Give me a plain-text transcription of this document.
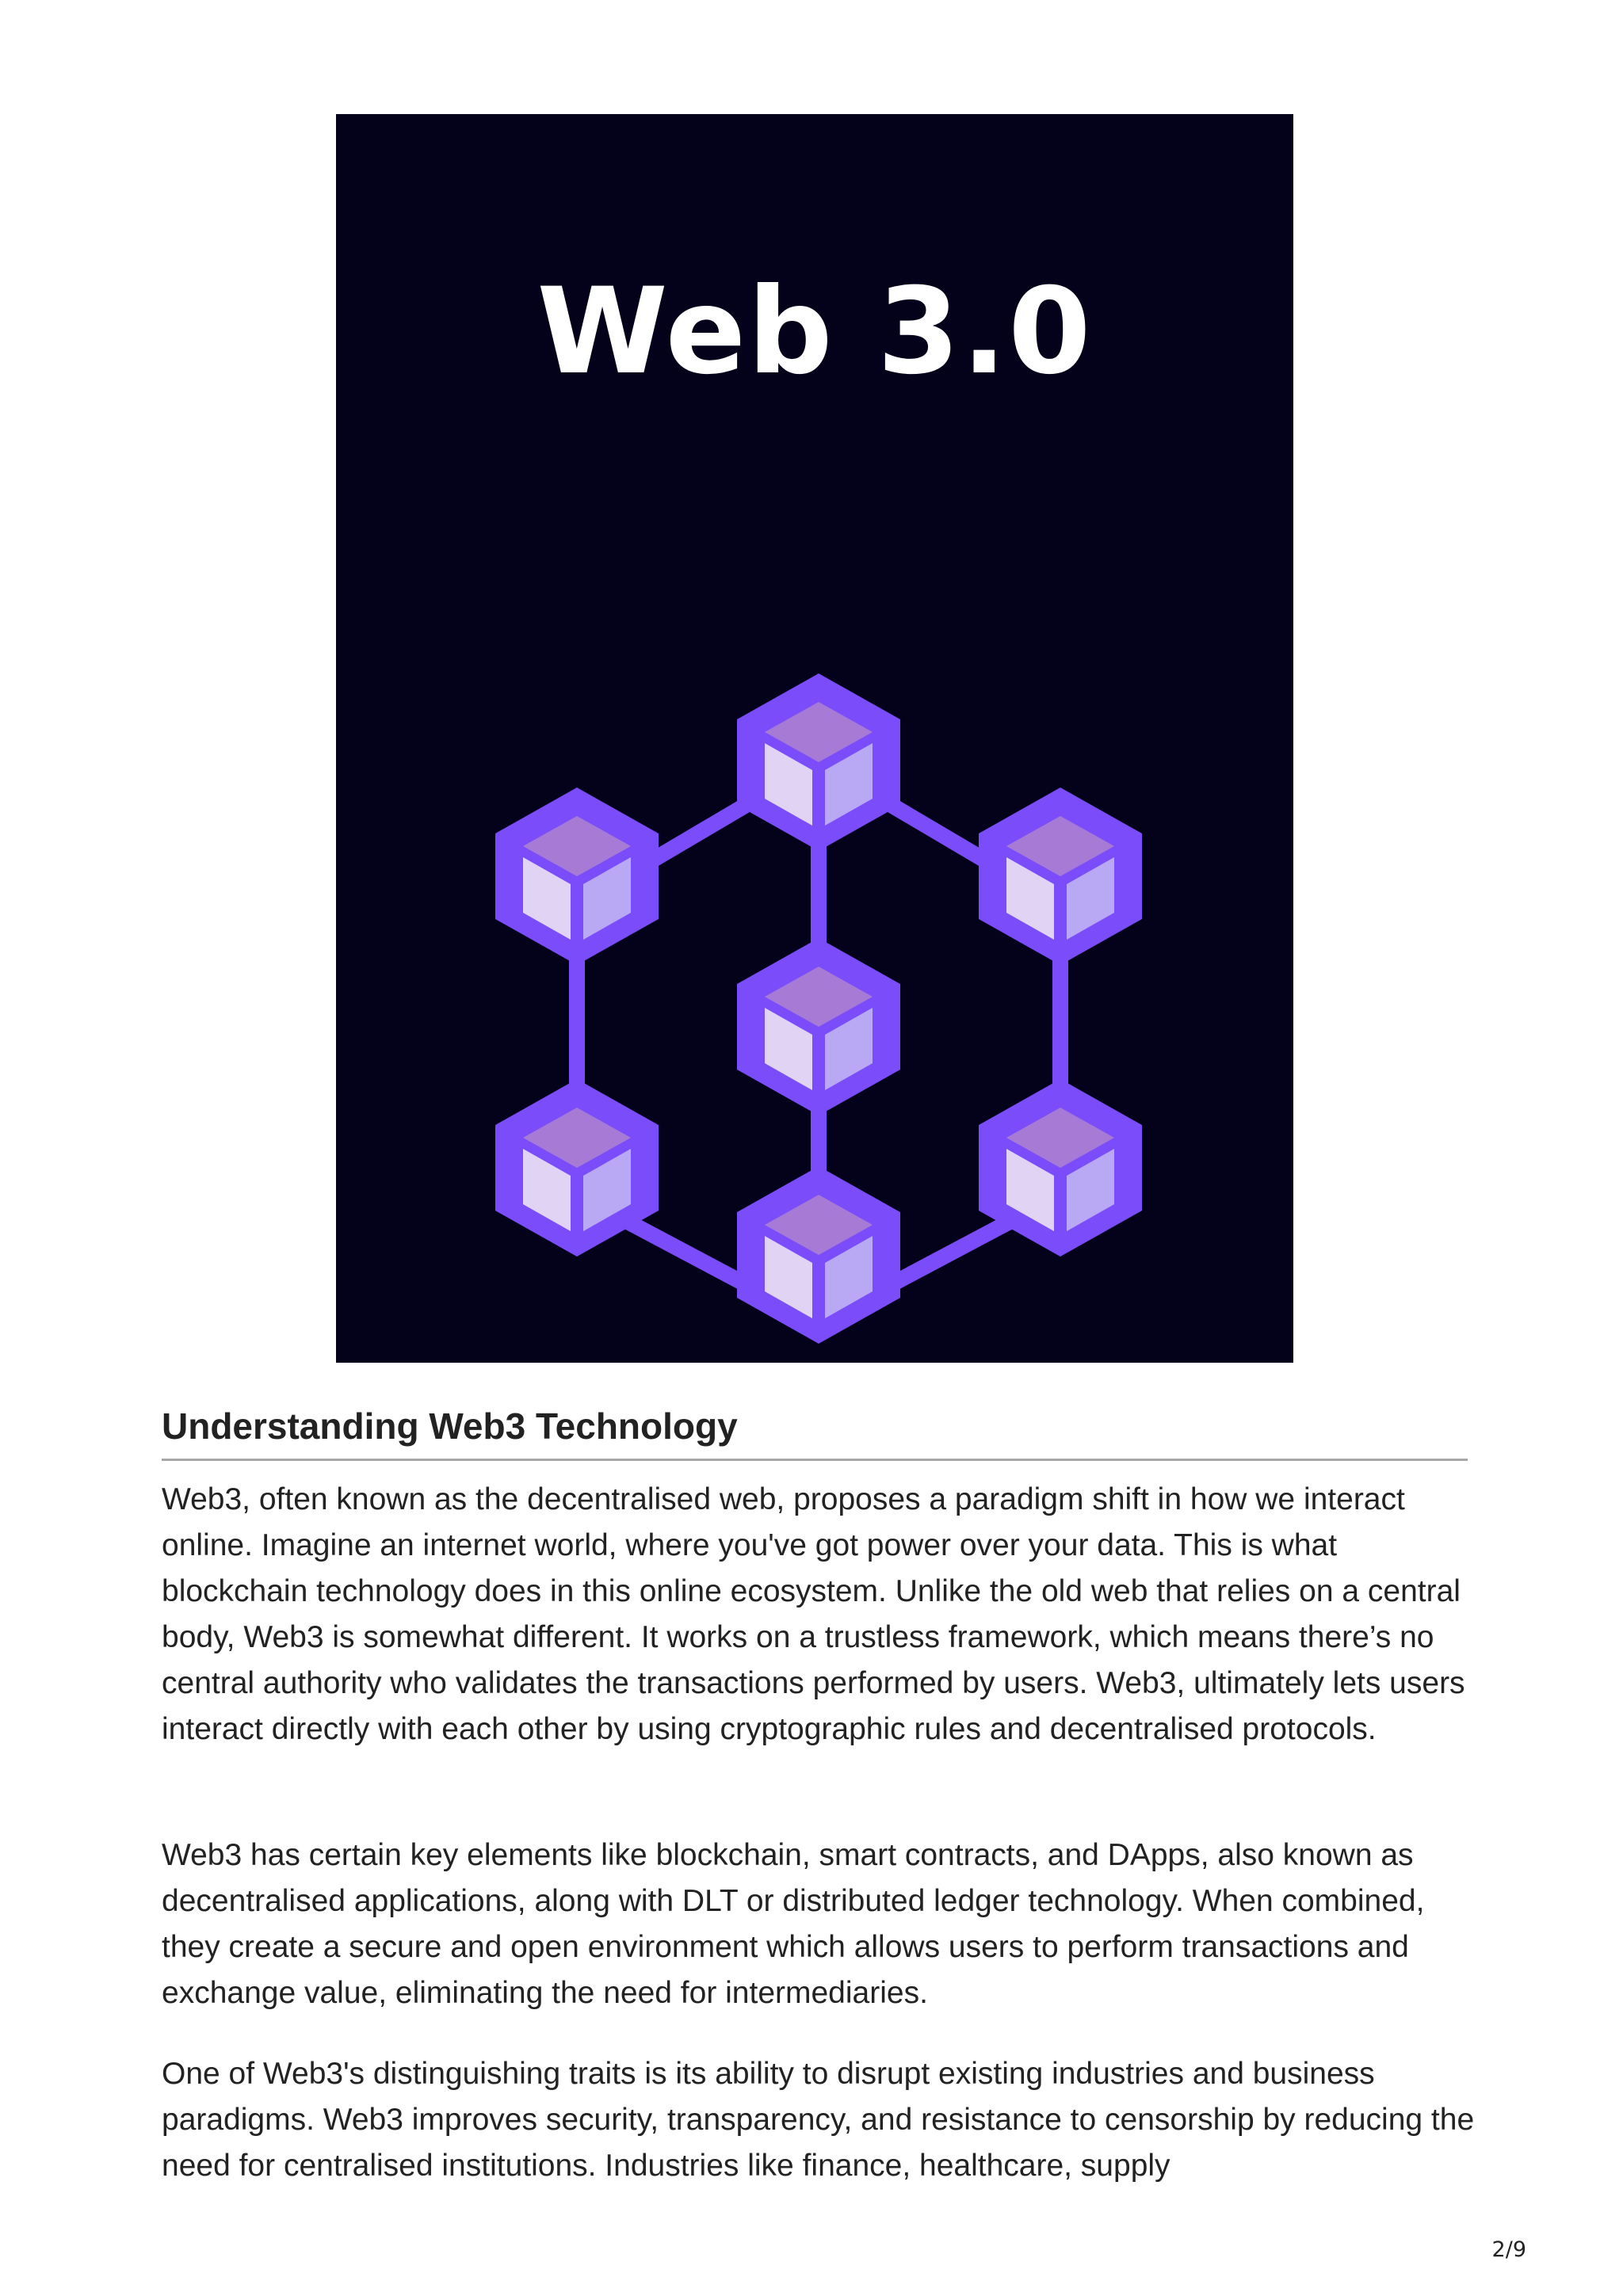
Web 3.0
Understanding Web3 Technology

Web3, often known as the decentralised web, proposes a paradigm shift in how we interact online. Imagine an internet world, where you've got power over your data. This is what blockchain technology does in this online ecosystem. Unlike the old web that relies on a central body, Web3 is somewhat different. It works on a trustless framework, which means there’s no central authority who validates the transactions performed by users. Web3, ultimately lets users interact directly with each other by using cryptographic rules and decentralised protocols.

Web3 has certain key elements like blockchain, smart contracts, and DApps, also known as decentralised applications, along with DLT or distributed ledger technology. When combined, they create a secure and open environment which allows users to perform transactions and exchange value, eliminating the need for intermediaries.

One of Web3's distinguishing traits is its ability to disrupt existing industries and business paradigms. Web3 improves security, transparency, and resistance to censorship by reducing the need for centralised institutions. Industries like finance, healthcare, supply

2/9
